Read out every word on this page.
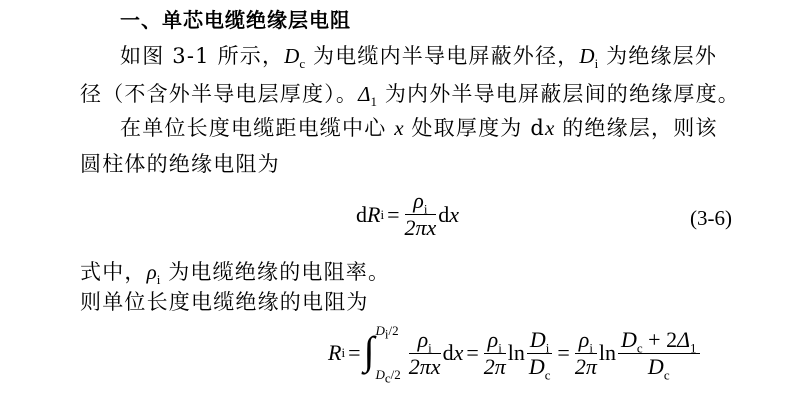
一、单芯电缆绝缘层电阻
如图 3-1 所示，$D_c$ 为电缆内半导电屏蔽外径，$D_i$ 为绝缘层外
径（不含外半导电层厚度）。$\Delta_1$ 为内外半导电屏蔽层间的绝缘厚度。
在单位长度电缆距电缆中心 x 处取厚度为 dx 的绝缘层，则该
圆柱体的绝缘电阻为
d R $i = \frac{\rho_i}{2\pi x}$ d x	(3-6)
式中，$\rho_i$ 为电缆绝缘的电阻率。
则单位长度电缆绝缘的电阻为
R i = ∫ $D_i/2$
$D_c/2 \frac{\rho_i}{2\pi x}$ d $x = \frac{\rho_i}{2\pi}$ $\ln \frac{D_i}{D_c} = \frac{\rho_i}{2\pi}$ $\ln \frac{D_c + 2\Delta_1}{D_c}$
